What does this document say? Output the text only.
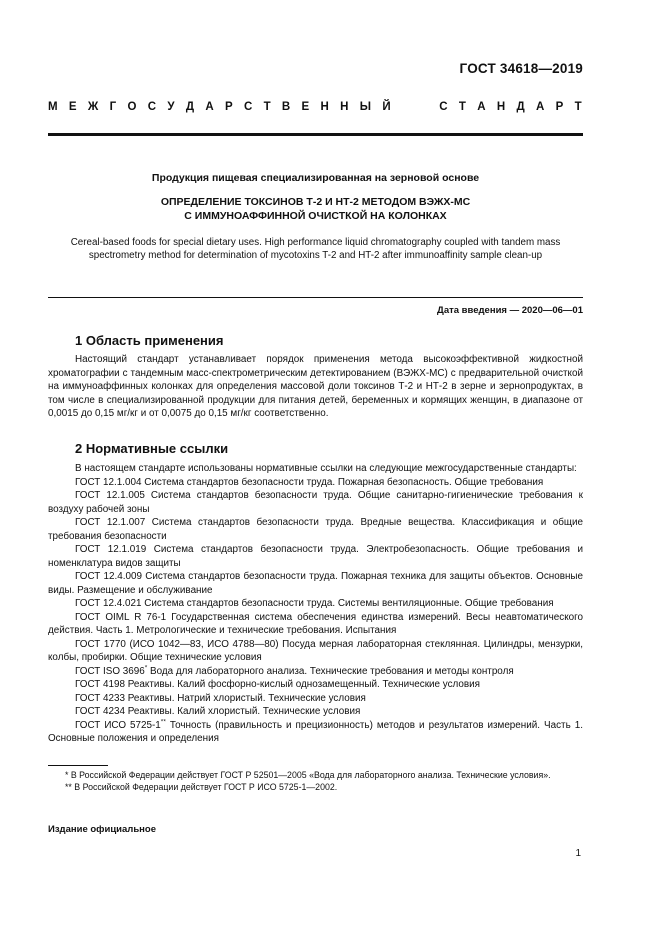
ГОСТ 34618—2019
М Е Ж Г О С У Д А Р С Т В Е Н Н Ы Й	С Т А Н Д А Р Т
Продукция пищевая специализированная на зерновой основе
ОПРЕДЕЛЕНИЕ ТОКСИНОВ Т-2 И НТ-2 МЕТОДОМ ВЭЖХ-МС
С ИММУНОАФФИННОЙ ОЧИСТКОЙ НА КОЛОНКАХ
Cereal-based foods for special dietary uses. High performance liquid chromatography coupled with tandem mass
spectrometry method for determination of mycotoxins T-2 and HT-2 after immunoaffinity sample clean-up
Дата введения — 2020—06—01
1 Область применения
Настоящий стандарт устанавливает порядок применения метода высокоэффективной жидкостной хроматографии с тандемным масс-спектрометрическим детектированием (ВЭЖХ-МС) с предварительной очисткой на иммуноаффинных колонках для определения массовой доли токсинов Т-2 и НТ-2 в зерне и зернопродуктах, в том числе в специализированной продукции для питания детей, беременных и кормящих женщин, в диапазоне от 0,0015 до 0,15 мг/кг и от 0,0075 до 0,15 мг/кг соответственно.
2 Нормативные ссылки

В настоящем стандарте использованы нормативные ссылки на следующие межгосударственные стандарты:

ГОСТ 12.1.004 Система стандартов безопасности труда. Пожарная безопасность. Общие требования

ГОСТ 12.1.005 Система стандартов безопасности труда. Общие санитарно-гигиенические требования к воздуху рабочей зоны

ГОСТ 12.1.007 Система стандартов безопасности труда. Вредные вещества. Классификация и общие требования безопасности

ГОСТ 12.1.019 Система стандартов безопасности труда. Электробезопасность. Общие требования и номенклатура видов защиты

ГОСТ 12.4.009 Система стандартов безопасности труда. Пожарная техника для защиты объектов. Основные виды. Размещение и обслуживание

ГОСТ 12.4.021 Система стандартов безопасности труда. Системы вентиляционные. Общие требования

ГОСТ OIML R 76-1 Государственная система обеспечения единства измерений. Весы неавтоматического действия. Часть 1. Метрологические и технические требования. Испытания

ГОСТ 1770 (ИСО 1042—83, ИСО 4788—80) Посуда мерная лабораторная стеклянная. Цилиндры, мензурки, колбы, пробирки. Общие технические условия

ГОСТ ISO 3696* Вода для лабораторного анализа. Технические требования и методы контроля

ГОСТ 4198 Реактивы. Калий фосфорно-кислый однозамещенный. Технические условия

ГОСТ 4233 Реактивы. Натрий хлористый. Технические условия

ГОСТ 4234 Реактивы. Калий хлористый. Технические условия

ГОСТ ИСО 5725-1** Точность (правильность и прецизионность) методов и результатов измерений. Часть 1. Основные положения и определения

* В Российской Федерации действует ГОСТ Р 52501—2005 «Вода для лабораторного анализа. Технические условия».

** В Российской Федерации действует ГОСТ Р ИСО 5725-1—2002.

Издание официальное
1
